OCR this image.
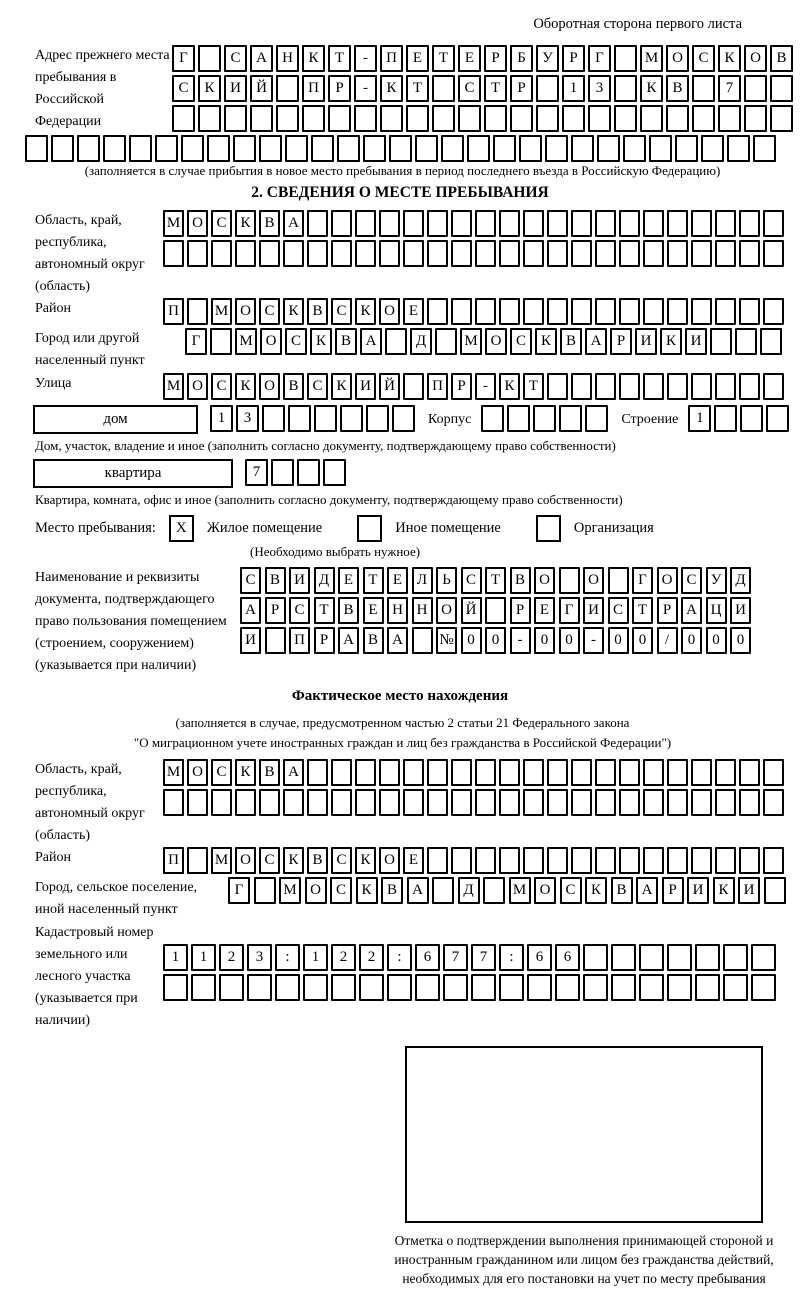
Оборотная сторона первого листа
Адрес прежнего места пребывания в Российской Федерации
Г	С А Н К Т - П Е Т Е Р Б У Р Г	М О С К О В
С К И Й	П Р - К Т	С Т Р	1 3	К В	7
(заполняется в случае прибытия в новое место пребывания в период последнего въезда в Российскую Федерацию)
2. СВЕДЕНИЯ О МЕСТЕ ПРЕБЫВАНИЯ
Область, край, республика, автономный округ (область)
М О С К В А
Район	П М О С К В С К О Е
Город или другой населенный пункт
Г	М О С К В А	Д	М О С К В А Р И К И
Улица	М О С К О В С К И Й П Р - К Т
дом	1 3	Корпус	Строение	1
Дом, участок, владение и иное (заполнить согласно документу, подтверждающему право собственности)
квартира	7
Квартира, комната, офис и иное (заполнить согласно документу, подтверждающему право собственности)
Место пребывания:	X	Жилое помещение	Иное помещение	Организация
(Необходимо выбрать нужное)
Наименование и реквизиты документа, подтверждающего право пользования помещением (строением, сооружением) (указывается при наличии)
С В И Д Е Т Е Л Ь С Т В О	О	Г О С У Д
А Р С Т В Е Н Н О Й	Р Е Г И С Т Р А Ц И
И	П Р А В А № 0 0 - 0 0 - 0 0 / 0 0 0
Фактическое место нахождения
(заполняется в случае, предусмотренном частью 2 статьи 21 Федерального закона
"О миграционном учете иностранных граждан и лиц без гражданства в Российской Федерации")
Область, край, республика, автономный округ (область)
М О С К В А
Район	П М О С К В С К О Е
Город, сельское поселение, иной населенный пункт
Г	М О С К В А	Д	М О С К В А Р И К И
Кадастровый номер земельного или лесного участка (указывается при наличии)
1 1 2 3 : 1 2 2 : 6 7 7 : 6 6
Отметка о подтверждении выполнения принимающей стороной и иностранным гражданином или лицом без гражданства действий, необходимых для его постановки на учет по месту пребывания
